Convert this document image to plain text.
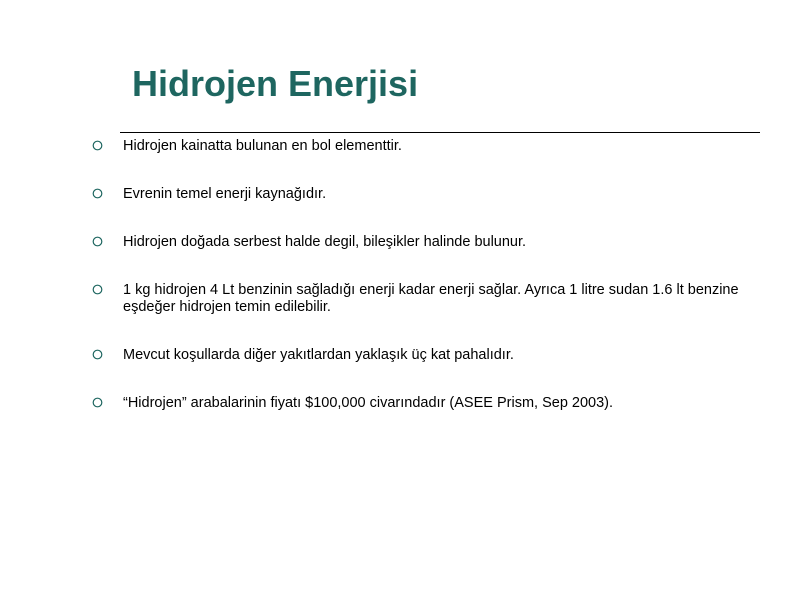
Hidrojen Enerjisi
Hidrojen kainatta bulunan en bol elementtir.
Evrenin temel enerji kaynağıdır.
Hidrojen doğada serbest halde degil, bileşikler halinde bulunur.
1 kg hidrojen 4 Lt benzinin sağladığı enerji kadar enerji sağlar. Ayrıca 1 litre sudan 1.6 lt benzine eşdeğer hidrojen temin edilebilir.
Mevcut koşullarda diğer yakıtlardan yaklaşık üç kat pahalıdır.
“Hidrojen” arabalarinin fiyatı $100,000 civarındadır (ASEE Prism, Sep 2003).
